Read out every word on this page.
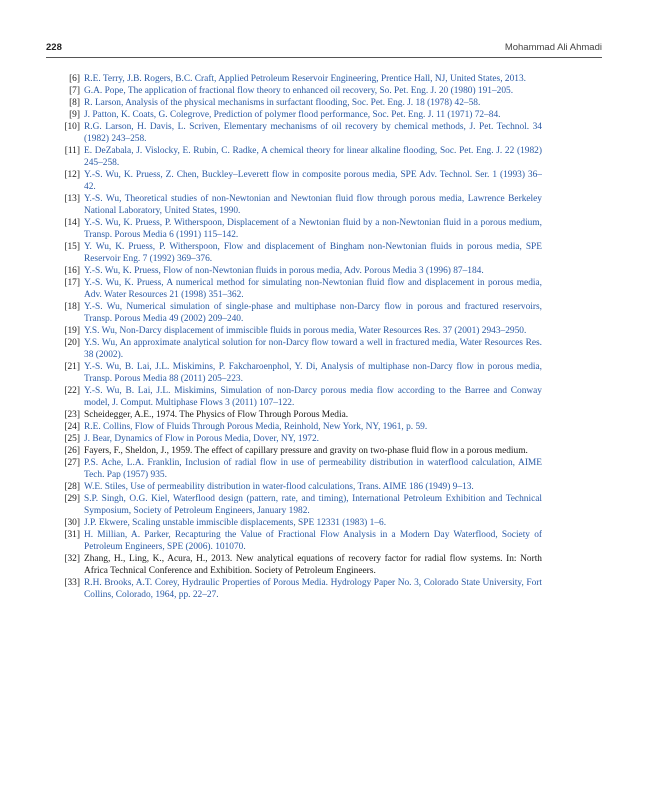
228	Mohammad Ali Ahmadi
[6] R.E. Terry, J.B. Rogers, B.C. Craft, Applied Petroleum Reservoir Engineering, Prentice Hall, NJ, United States, 2013.
[7] G.A. Pope, The application of fractional flow theory to enhanced oil recovery, So. Pet. Eng. J. 20 (1980) 191–205.
[8] R. Larson, Analysis of the physical mechanisms in surfactant flooding, Soc. Pet. Eng. J. 18 (1978) 42–58.
[9] J. Patton, K. Coats, G. Colegrove, Prediction of polymer flood performance, Soc. Pet. Eng. J. 11 (1971) 72–84.
[10] R.G. Larson, H. Davis, L. Scriven, Elementary mechanisms of oil recovery by chemical methods, J. Pet. Technol. 34 (1982) 243–258.
[11] E. DeZabala, J. Vislocky, E. Rubin, C. Radke, A chemical theory for linear alkaline flooding, Soc. Pet. Eng. J. 22 (1982) 245–258.
[12] Y.-S. Wu, K. Pruess, Z. Chen, Buckley–Leverett flow in composite porous media, SPE Adv. Technol. Ser. 1 (1993) 36–42.
[13] Y.-S. Wu, Theoretical studies of non-Newtonian and Newtonian fluid flow through porous media, Lawrence Berkeley National Laboratory, United States, 1990.
[14] Y.-S. Wu, K. Pruess, P. Witherspoon, Displacement of a Newtonian fluid by a non-Newtonian fluid in a porous medium, Transp. Porous Media 6 (1991) 115–142.
[15] Y. Wu, K. Pruess, P. Witherspoon, Flow and displacement of Bingham non-Newtonian fluids in porous media, SPE Reservoir Eng. 7 (1992) 369–376.
[16] Y.-S. Wu, K. Pruess, Flow of non-Newtonian fluids in porous media, Adv. Porous Media 3 (1996) 87–184.
[17] Y.-S. Wu, K. Pruess, A numerical method for simulating non-Newtonian fluid flow and displacement in porous media, Adv. Water Resources 21 (1998) 351–362.
[18] Y.-S. Wu, Numerical simulation of single-phase and multiphase non-Darcy flow in porous and fractured reservoirs, Transp. Porous Media 49 (2002) 209–240.
[19] Y.S. Wu, Non-Darcy displacement of immiscible fluids in porous media, Water Resources Res. 37 (2001) 2943–2950.
[20] Y.S. Wu, An approximate analytical solution for non-Darcy flow toward a well in fractured media, Water Resources Res. 38 (2002).
[21] Y.-S. Wu, B. Lai, J.L. Miskimins, P. Fakcharoenphol, Y. Di, Analysis of multiphase non-Darcy flow in porous media, Transp. Porous Media 88 (2011) 205–223.
[22] Y.-S. Wu, B. Lai, J.L. Miskimins, Simulation of non-Darcy porous media flow according to the Barree and Conway model, J. Comput. Multiphase Flows 3 (2011) 107–122.
[23] Scheidegger, A.E., 1974. The Physics of Flow Through Porous Media.
[24] R.E. Collins, Flow of Fluids Through Porous Media, Reinhold, New York, NY, 1961, p. 59.
[25] J. Bear, Dynamics of Flow in Porous Media, Dover, NY, 1972.
[26] Fayers, F., Sheldon, J., 1959. The effect of capillary pressure and gravity on two-phase fluid flow in a porous medium.
[27] P.S. Ache, L.A. Franklin, Inclusion of radial flow in use of permeability distribution in waterflood calculation, AIME Tech. Pap (1957) 935.
[28] W.E. Stiles, Use of permeability distribution in water-flood calculations, Trans. AIME 186 (1949) 9–13.
[29] S.P. Singh, O.G. Kiel, Waterflood design (pattern, rate, and timing), International Petroleum Exhibition and Technical Symposium, Society of Petroleum Engineers, January 1982.
[30] J.P. Ekwere, Scaling unstable immiscible displacements, SPE 12331 (1983) 1–6.
[31] H. Millian, A. Parker, Recapturing the Value of Fractional Flow Analysis in a Modern Day Waterflood, Society of Petroleum Engineers, SPE (2006). 101070.
[32] Zhang, H., Ling, K., Acura, H., 2013. New analytical equations of recovery factor for radial flow systems. In: North Africa Technical Conference and Exhibition. Society of Petroleum Engineers.
[33] R.H. Brooks, A.T. Corey, Hydraulic Properties of Porous Media. Hydrology Paper No. 3, Colorado State University, Fort Collins, Colorado, 1964, pp. 22–27.
